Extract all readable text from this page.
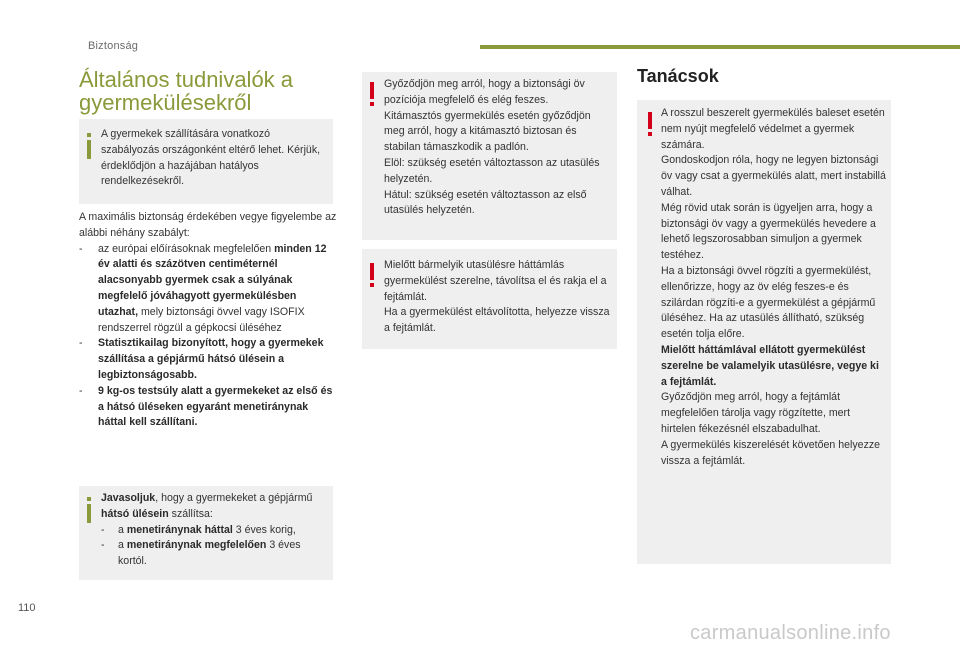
Biztonság
Általános tudnivalók a gyermekülésekről
A gyermekek szállítására vonatkozó szabályozás országonként eltérő lehet. Kérjük, érdeklődjön a hazájában hatályos rendelkezésekről.

A maximális biztonság érdekében vegye figyelembe az alábbi néhány szabályt:

- az európai előírásoknak megfelelően minden 12 év alatti és százötven centiméternél alacsonyabb gyermek csak a súlyának megfelelő jóváhagyott gyermekülésben utazhat, mely biztonsági övvel vagy ISOFIX rendszerrel rögzül a gépkocsi üléséhez
- Statisztikailag bizonyított, hogy a gyermekek szállítása a gépjármű hátsó ülésein a legbiztonságosabb.
- 9 kg-os testsúly alatt a gyermekeket az első és a hátsó üléseken egyaránt menetiránynak háttal kell szállítani.

Javasoljuk, hogy a gyermekeket a gépjármű hátsó ülésein szállítsa:

- a menetiránynak háttal 3 éves korig,
- a menetiránynak megfelelően 3 éves kortól.
Győződjön meg arról, hogy a biztonsági öv pozíciója megfelelő és elég feszes.
Kitámasztós gyermekülés esetén győződjön meg arról, hogy a kitámasztó biztosan és stabilan támaszkodik a padlón.
Elöl: szükség esetén változtasson az utasülés helyzetén.
Hátul: szükség esetén változtasson az első utasülés helyzetén.
Mielőtt bármelyik utasülésre háttámlás gyermekülést szerelne, távolítsa el és rakja el a fejtámlát.
Ha a gyermekülést eltávolította, helyezze vissza a fejtámlát.
Tanácsok
A rosszul beszerelt gyermekülés baleset esetén nem nyújt megfelelő védelmet a gyermek számára.
Gondoskodjon róla, hogy ne legyen biztonsági öv vagy csat a gyermekülés alatt, mert instabillá válhat.
Még rövid utak során is ügyeljen arra, hogy a biztonsági öv vagy a gyermekülés hevedere a lehető legszorosabban simuljon a gyermek testéhez.
Ha a biztonsági övvel rögzíti a gyermekülést, ellenőrizze, hogy az öv elég feszes-e és szilárdan rögzíti-e a gyermekülést a gépjármű üléséhez. Ha az utasülés állítható, szükség esetén tolja előre.
Mielőtt háttámlával ellátott gyermekülést szerelne be valamelyik utasülésre, vegye ki a fejtámlát.
Győződjön meg arról, hogy a fejtámlát megfelelően tárolja vagy rögzítette, mert hirtelen fékezésnél elszabadulhat.
A gyermekülés kiszerelését követően helyezze vissza a fejtámlát.
110
carmanualsonline.info
